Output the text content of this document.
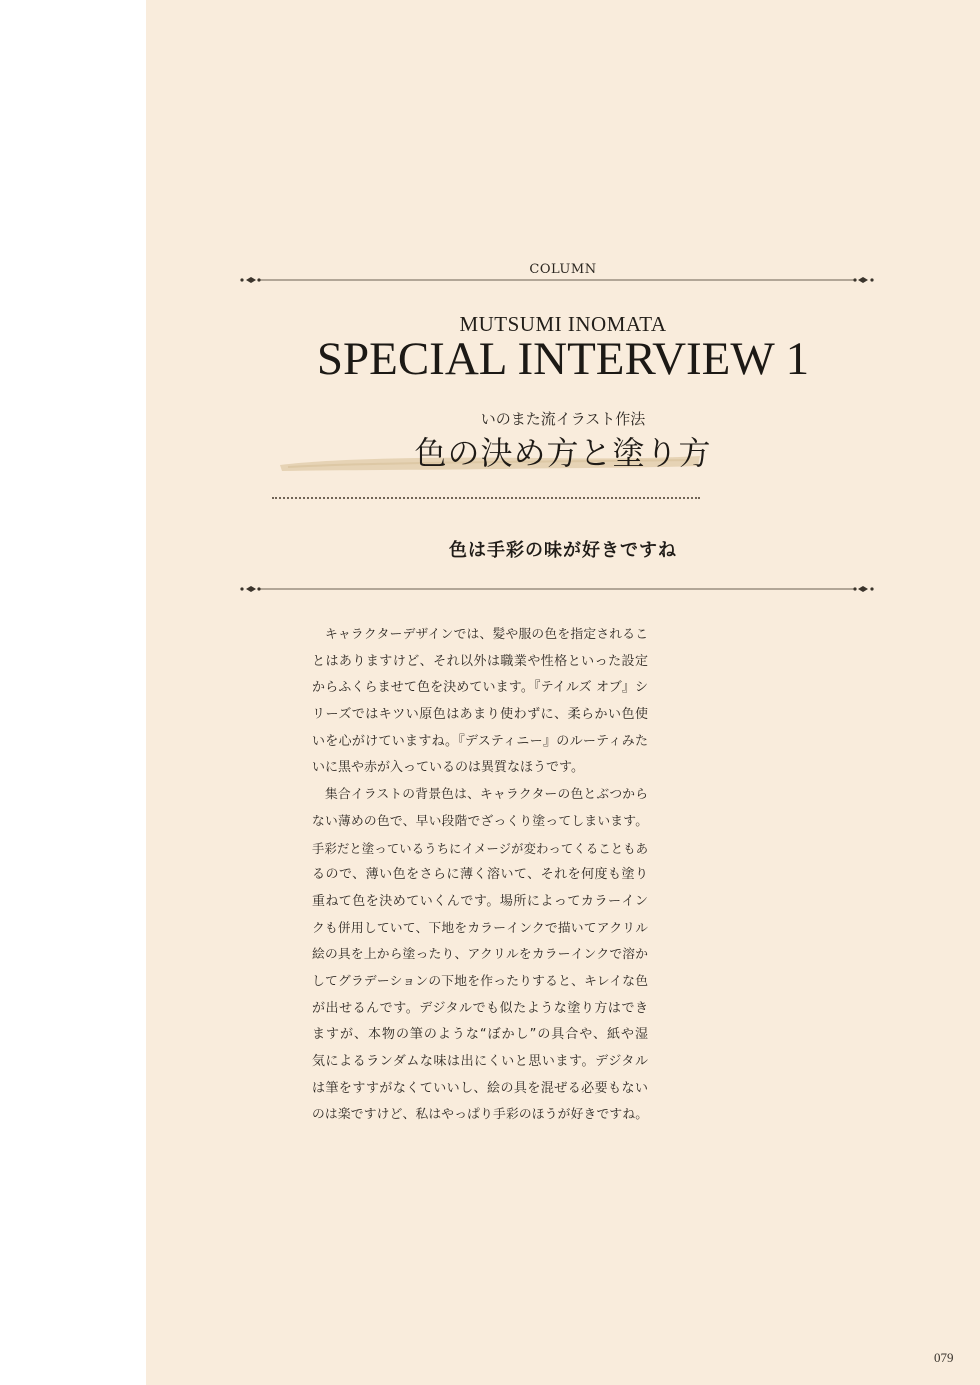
COLUMN
MUTSUMI INOMATA
SPECIAL INTERVIEW 1
いのまた流イラスト作法
色の決め方と塗り方
色は手彩の味が好きですね
　キャラクターデザインでは、髪や服の色を指定されるこ
とはありますけど、それ以外は職業や性格といった設定
からふくらませて色を決めています。『テイルズ オブ』シ
リーズではキツい原色はあまり使わずに、柔らかい色使
いを心がけていますね。『デスティニー』のルーティみた
いに黒や赤が入っているのは異質なほうです。
　集合イラストの背景色は、キャラクターの色とぶつから
ない薄めの色で、早い段階でざっくり塗ってしまいます。
手彩だと塗っているうちにイメージが変わってくることもあ
るので、薄い色をさらに薄く溶いて、それを何度も塗り
重ねて色を決めていくんです。場所によってカラーイン
クも併用していて、下地をカラーインクで描いてアクリル
絵の具を上から塗ったり、アクリルをカラーインクで溶か
してグラデーションの下地を作ったりすると、キレイな色
が出せるんです。デジタルでも似たような塗り方はでき
ますが、本物の筆のような“ぼかし”の具合や、紙や湿
気によるランダムな味は出にくいと思います。デジタル
は筆をすすがなくていいし、絵の具を混ぜる必要もない
のは楽ですけど、私はやっぱり手彩のほうが好きですね。
079
